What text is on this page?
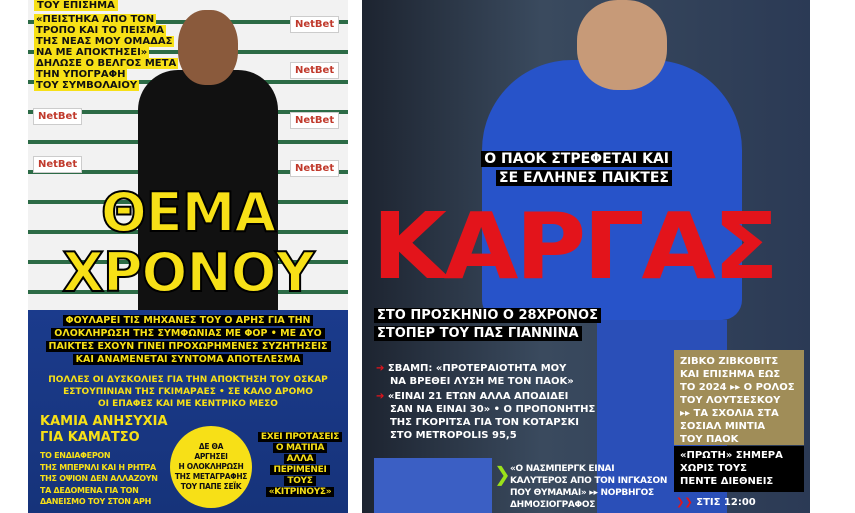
NetBet
NetBet
NetBet	NetBet
NetBet	NetBet
ΤΟΥ ΕΠΙΣΗΜΑ
«ΠΕΙΣΤΗΚΑ ΑΠΟ ΤΟΝ
ΤΡΟΠΟ ΚΑΙ ΤΟ ΠΕΙΣΜΑ
ΤΗΣ ΝΕΑΣ ΜΟΥ ΟΜΑΔΑΣ
ΝΑ ΜΕ ΑΠΟΚΤΗΣΕΙ»
ΔΗΛΩΣΕ Ο ΒΕΛΓΟΣ ΜΕΤΑ
ΤΗΝ ΥΠΟΓΡΑΦΗ
ΤΟΥ ΣΥΜΒΟΛΑΙΟΥ
ΘΕΜΑ
ΧΡΟΝΟΥ
ΦΟΥΛΑΡΕΙ ΤΙΣ ΜΗΧΑΝΕΣ ΤΟΥ Ο ΑΡΗΣ ΓΙΑ ΤΗΝ
ΟΛΟΚΛΗΡΩΣΗ ΤΗΣ ΣΥΜΦΩΝΙΑΣ ΜΕ ΦΟΡ • ΜΕ ΔΥΟ
ΠΑΙΚΤΕΣ ΕΧΟΥΝ ΓΙΝΕΙ ΠΡΟΧΩΡΗΜΕΝΕΣ ΣΥΖΗΤΗΣΕΙΣ
ΚΑΙ ΑΝΑΜΕΝΕΤΑΙ ΣΥΝΤΟΜΑ ΑΠΟΤΕΛΕΣΜΑ
ΠΟΛΛΕΣ ΟΙ ΔΥΣΚΟΛΙΕΣ ΓΙΑ ΤΗΝ ΑΠΟΚΤΗΣΗ ΤΟΥ ΟΣΚΑΡ
ΕΣΤΟΥΠΙΝΙΑΝ ΤΗΣ ΓΚΙΜΑΡΑΕΣ • ΣΕ ΚΑΛΟ ΔΡΟΜΟ
ΟΙ ΕΠΑΦΕΣ ΚΑΙ ΜΕ ΚΕΝΤΡΙΚΟ ΜΕΣΟ
ΚΑΜΙΑ ΑΝΗΣΥΧΙΑ
ΓΙΑ ΚΑΜΑΤΣΟ
ΤΟ ΕΝΔΙΑΦΕΡΟΝ
ΤΗΣ ΜΠΕΡΝΛΙ ΚΑΙ Η ΡΗΤΡΑ
ΤΗΣ ΟΨΙΟΝ ΔΕΝ ΑΛΛΑΖΟΥΝ
ΤΑ ΔΕΔΟΜΕΝΑ ΓΙΑ ΤΟΝ
ΔΑΝΕΙΣΜΟ ΤΟΥ ΣΤΟΝ ΑΡΗ
ΔΕ ΘΑ
ΑΡΓΗΣΕΙ
Η ΟΛΟΚΛΗΡΩΣΗ
ΤΗΣ ΜΕΤΑΓΡΑΦΗΣ
ΤΟΥ ΠΑΠΕ ΣΕΪΚ
ΕΧΕΙ ΠΡΟΤΑΣΕΙΣ
Ο ΜΑΤΙΠΑ
ΑΛΛΑ
ΠΕΡΙΜΕΝΕΙ
ΤΟΥΣ
«ΚΙΤΡΙΝΟΥΣ»
Ο ΠΑΟΚ ΣΤΡΕΦΕΤΑΙ ΚΑΙ
ΣΕ ΕΛΛΗΝΕΣ ΠΑΙΚΤΕΣ
ΚΑΡΓΑΣ
ΣΤΟ ΠΡΟΣΚΗΝΙΟ Ο 28ΧΡΟΝΟΣ
ΣΤΟΠΕΡ ΤΟΥ ΠΑΣ ΓΙΑΝΝΙΝΑ
➔ ΣΒΑΜΠ: «ΠΡΟΤΕΡΑΙΟΤΗΤΑ ΜΟΥ
ΝΑ ΒΡΕΘΕΙ ΛΥΣΗ ΜΕ ΤΟΝ ΠΑΟΚ»
➔ «ΕΙΝΑΙ 21 ΕΤΩΝ ΑΛΛΑ ΑΠΟΔΙΔΕΙ
ΣΑΝ ΝΑ ΕΙΝΑΙ 30» • Ο ΠΡΟΠΟΝΗΤΗΣ
ΤΗΣ ΓΚΟΡΙΤΣΑ ΓΙΑ ΤΟΝ ΚΟΤΑΡΣΚΙ
ΣΤΟ METROPOLIS 95,5
❯ «Ο ΝΑΣΜΠΕΡΓΚ ΕΙΝΑΙ
ΚΑΛΥΤΕΡΟΣ ΑΠΟ ΤΟΝ ΙΝΓΚΑΣΟΝ
ΠΟΥ ΘΥΜΑΜΑΙ» ▸▸ ΝΟΡΒΗΓΟΣ
ΔΗΜΟΣΙΟΓΡΑΦΟΣ
ΖΙΒΚΟ ΖΙΒΚΟΒΙΤΣ
ΚΑΙ ΕΠΙΣΗΜΑ ΕΩΣ
ΤΟ 2024 ▸▸ Ο ΡΟΛΟΣ
ΤΟΥ ΛΟΥΤΣΕΣΚΟΥ
▸▸ ΤΑ ΣΧΟΛΙΑ ΣΤΑ
ΣΟΣΙΑΛ ΜΙΝΤΙΑ
ΤΟΥ ΠΑΟΚ
«ΠΡΩΤΗ» ΣΗΜΕΡΑ
ΧΩΡΙΣ ΤΟΥΣ
ΠΕΝΤΕ ΔΙΕΘΝΕΙΣ
❯❯ ΣΤΙΣ 12:00
